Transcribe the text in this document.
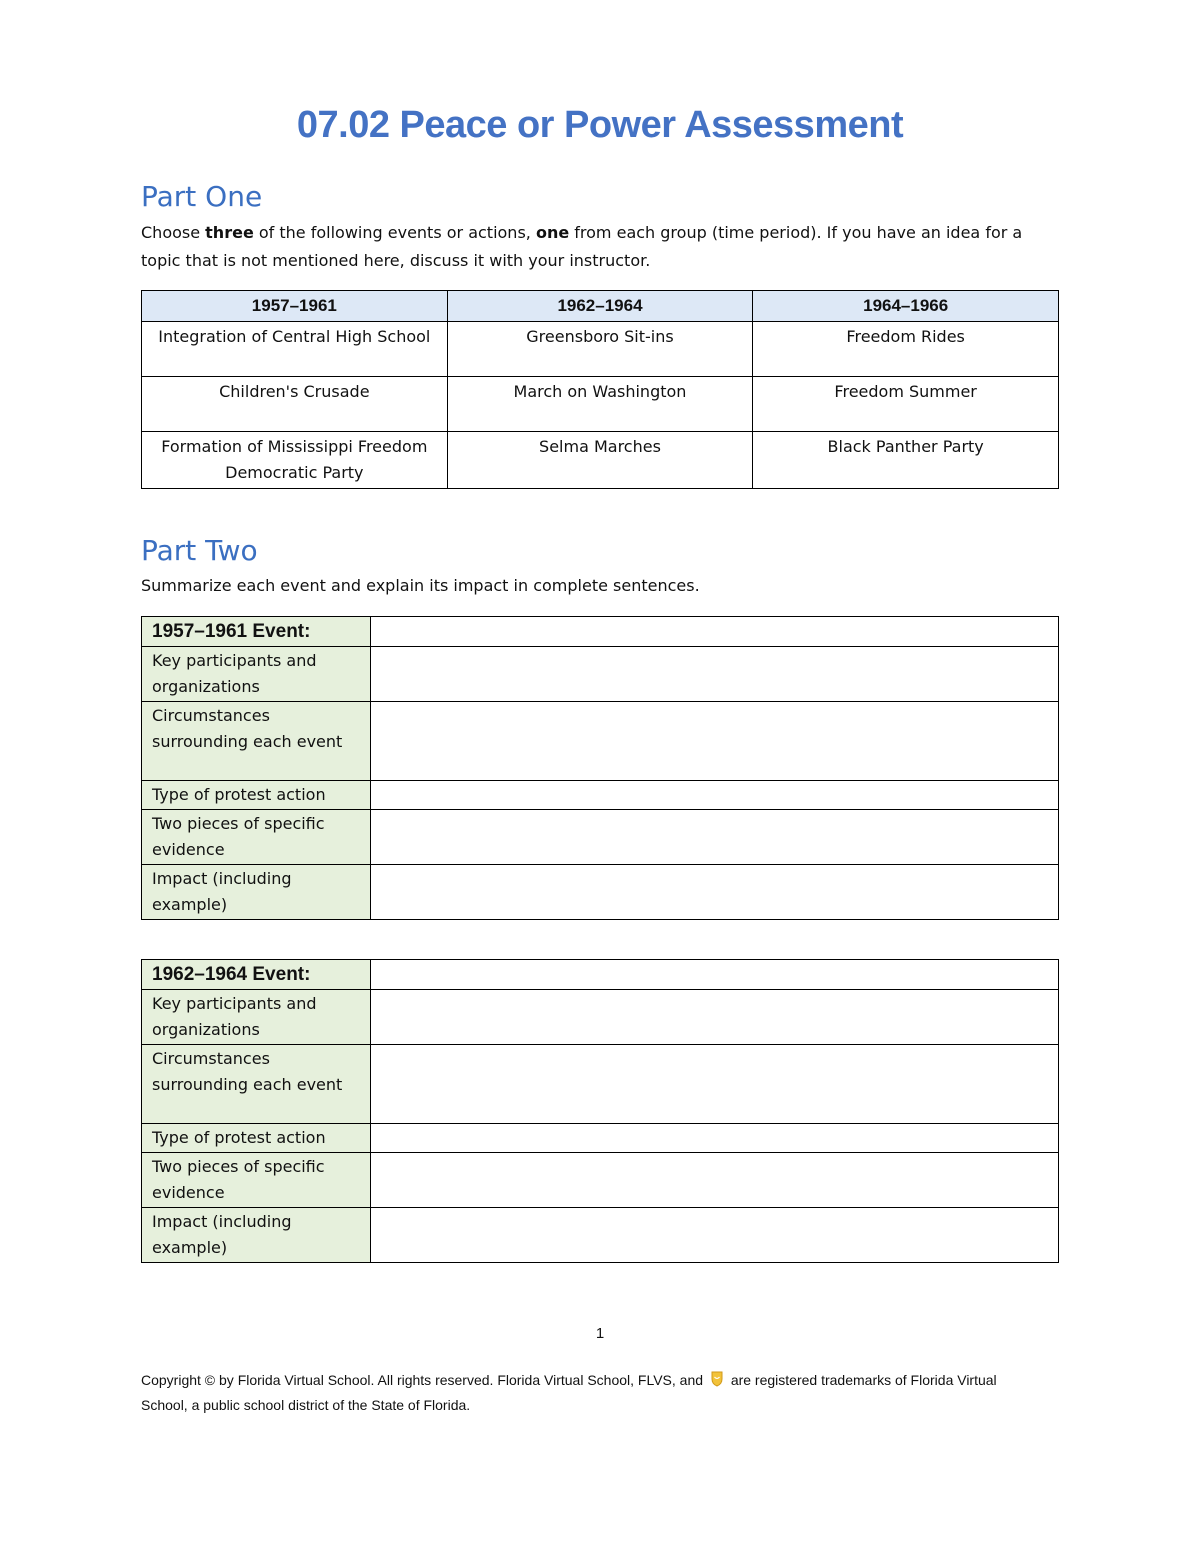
07.02 Peace or Power Assessment
Part One
Choose three of the following events or actions, one from each group (time period). If you have an idea for a topic that is not mentioned here, discuss it with your instructor.
1957–1961	1962–1964	1964–1966
Integration of Central High School	Greensboro Sit-ins	Freedom Rides
Children's Crusade	March on Washington	Freedom Summer
Formation of Mississippi Freedom Democratic Party	Selma Marches	Black Panther Party
Part Two
Summarize each event and explain its impact in complete sentences.
1957–1961 Event:	
Key participants and organizations	
Circumstances surrounding each event	
Type of protest action	
Two pieces of specific evidence	
Impact (including example)	
1962–1964 Event:	
Key participants and organizations	
Circumstances surrounding each event	
Type of protest action	
Two pieces of specific evidence	
Impact (including example)	
1
Copyright © by Florida Virtual School. All rights reserved. Florida Virtual School, FLVS, and are registered trademarks of Florida Virtual School, a public school district of the State of Florida.
